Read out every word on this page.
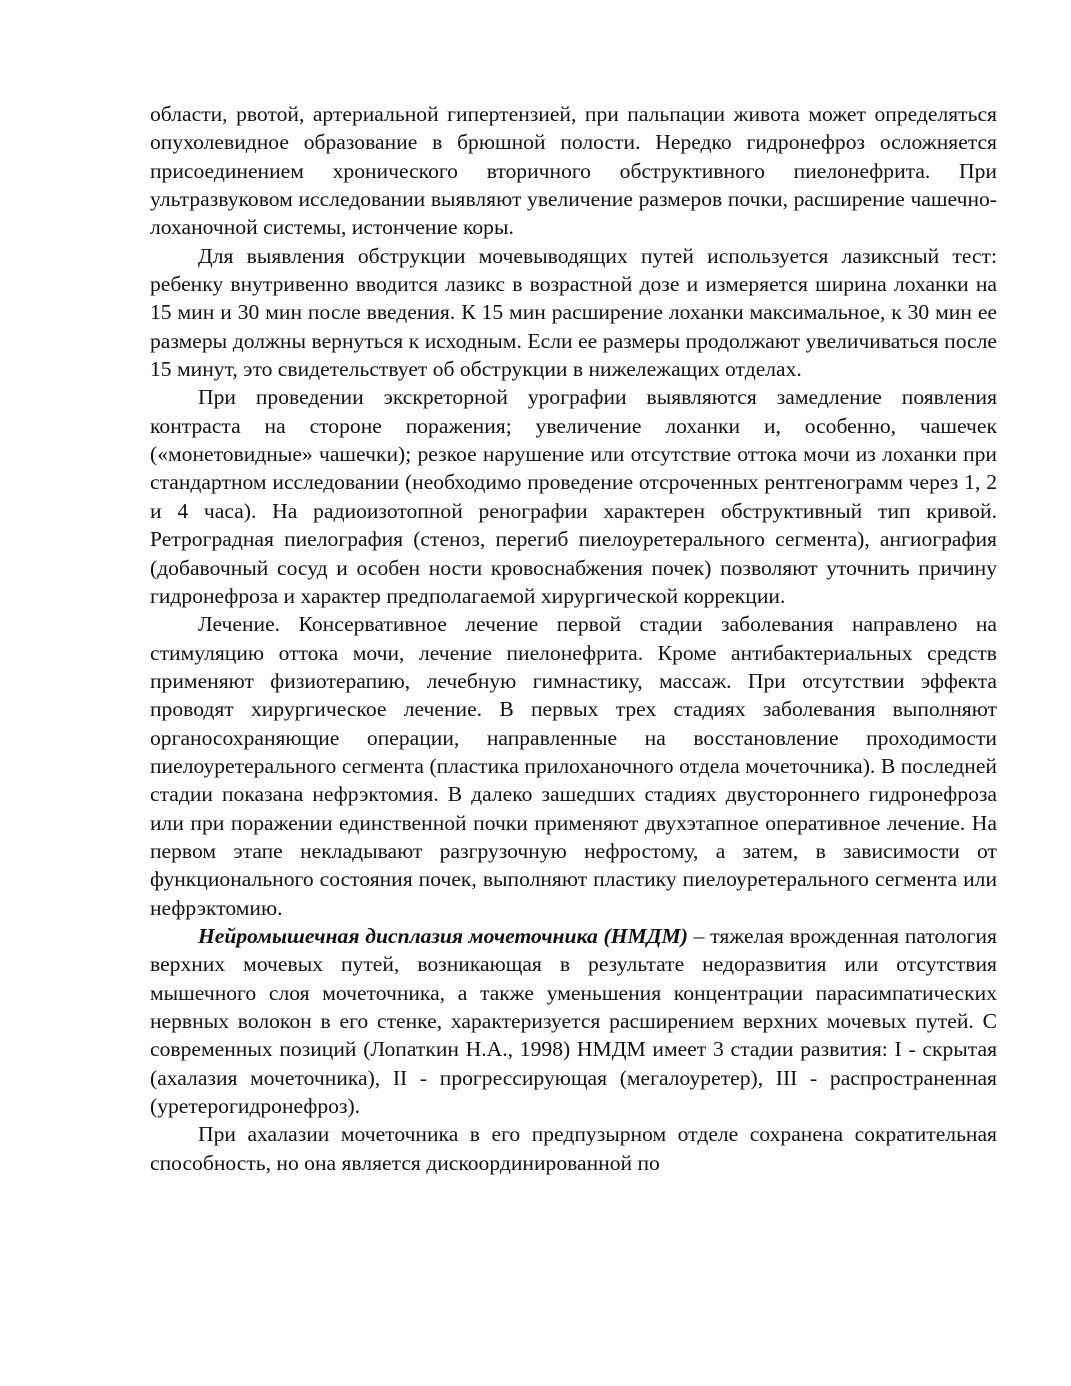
области, рвотой, артериальной гипертензией, при пальпации живота может определяться опухолевидное образование в брюшной полости. Нередко гидронефроз осложняется присоединением хронического вторичного обструктивного пиелонефрита. При ультразвуковом исследовании выявляют увеличение размеров почки, расширение чашечно-лоханочной системы, истончение коры.

Для выявления обструкции мочевыводящих путей используется лазиксный тест: ребенку внутривенно вводится лазикс в возрастной дозе и измеряется ширина лоханки на 15 мин и 30 мин после введения. К 15 мин расширение лоханки максимальное, к 30 мин ее размеры должны вернуться к исходным. Если ее размеры продолжают увеличиваться после 15 минут, это свидетельствует об обструкции в нижележащих отделах.

При проведении экскреторной урографии выявляются замедление появления контраста на стороне поражения; увеличение лоханки и, особенно, чашечек («монетовидные» чашечки); резкое нарушение или отсутствие оттока мочи из лоханки при стандартном исследовании (необходимо проведение отсроченных рентгенограмм через 1, 2 и 4 часа). На радиоизотопной ренографии характерен обструктивный тип кривой. Ретроградная пиелография (стеноз, перегиб пиелоуретерального сегмента), ангиография (добавочный сосуд и особен ности кровоснабжения почек) позволяют уточнить причину гидронефроза и характер предполагаемой хирургической коррекции.

Лечение. Консервативное лечение первой стадии заболевания направлено на стимуляцию оттока мочи, лечение пиелонефрита. Кроме антибактериальных средств применяют физиотерапию, лечебную гимнастику, массаж. При отсутствии эффекта проводят хирургическое лечение. В первых трех стадиях заболевания выполняют органосохраняющие операции, направленные на восстановление проходимости пиелоуретерального сегмента (пластика прилоханочного отдела мочеточника). В последней стадии показана нефрэктомия. В далеко зашедших стадиях двустороннего гидронефроза или при поражении единственной почки применяют двухэтапное оперативное лечение. На первом этапе некладывают разгрузочную нефростому, а затем, в зависимости от функционального состояния почек, выполняют пластику пиелоуретерального сегмента или нефрэктомию.

Нейромышечная дисплазия мочеточника (НМДМ) – тяжелая врожденная патология верхних мочевых путей, возникающая в результате недоразвития или отсутствия мышечного слоя мочеточника, а также уменьшения концентрации парасимпатических нервных волокон в его стенке, характеризуется расширением верхних мочевых путей. С современных позиций (Лопаткин Н.А., 1998) НМДМ имеет 3 стадии развития: I - скрытая (ахалазия мочеточника), II - прогрессирующая (мегалоуретер), III - распространенная (уретерогидронефроз).

При ахалазии мочеточника в его предпузырном отделе сохранена сократительная способность, но она является дискоординированной по
